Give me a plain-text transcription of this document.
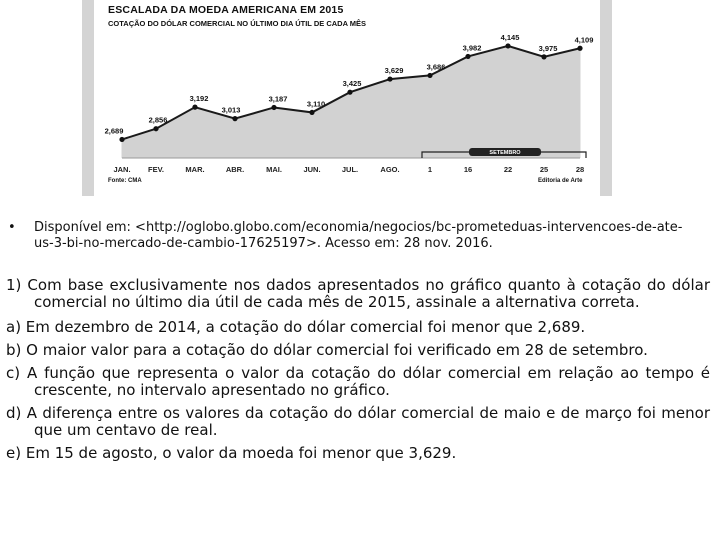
2,689
2,856
3,192
3,013
3,187
3,110
3,425
3,629	3,686
3,982
4,145
3,975
4,109
JAN. FEV.	MAR.	ABR.	MAI.	JUN.	JUL.	AGO.	1	16	22	25	28
SETEMBRO
ESCALADA DA MOEDA AMERICANA EM 2015
COTAÇÃO DO DÓLAR COMERCIAL NO ÚLTIMO DIA ÚTIL DE CADA MÊS
Fonte: CMA	Editoria de Arte
• Disponível em: <http://oglobo.globo.com/economia/negocios/bc-prometeduas-intervencoes-de-ate-us-3-bi-no-mercado-de-cambio-17625197>. Acesso em: 28 nov. 2016.

1) Com base exclusivamente nos dados apresentados no gráfico quanto à cotação do dólar comercial no último dia útil de cada mês de 2015, assinale a alternativa correta.

a) Em dezembro de 2014, a cotação do dólar comercial foi menor que 2,689.

b) O maior valor para a cotação do dólar comercial foi verificado em 28 de setembro.

c) A função que representa o valor da cotação do dólar comercial em relação ao tempo é crescente, no intervalo apresentado no gráfico.

d) A diferença entre os valores da cotação do dólar comercial de maio e de março foi menor que um centavo de real.

e) Em 15 de agosto, o valor da moeda foi menor que 3,629.
